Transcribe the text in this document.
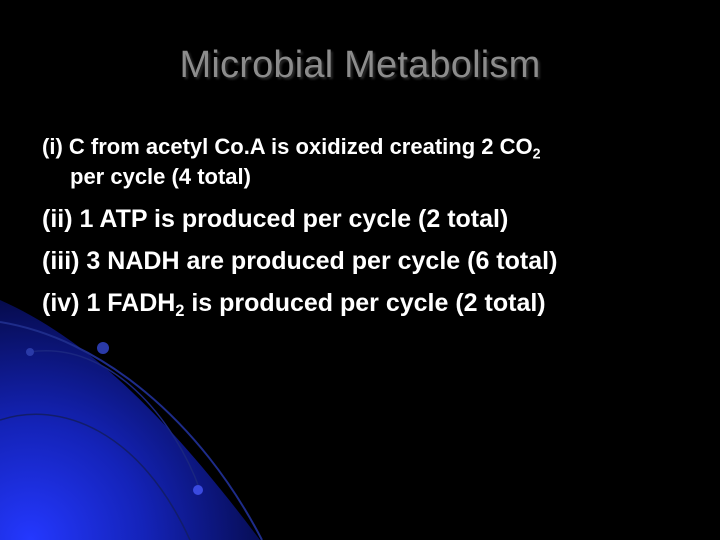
Microbial Metabolism
(i) C from acetyl Co.A is oxidized creating 2 $CO_2$
per cycle (4 total)
(ii) 1 ATP is produced per cycle (2 total)
(iii) 3 NADH are produced per cycle (6 total)
(iv) 1 $FADH_2$ is produced per cycle (2 total)
